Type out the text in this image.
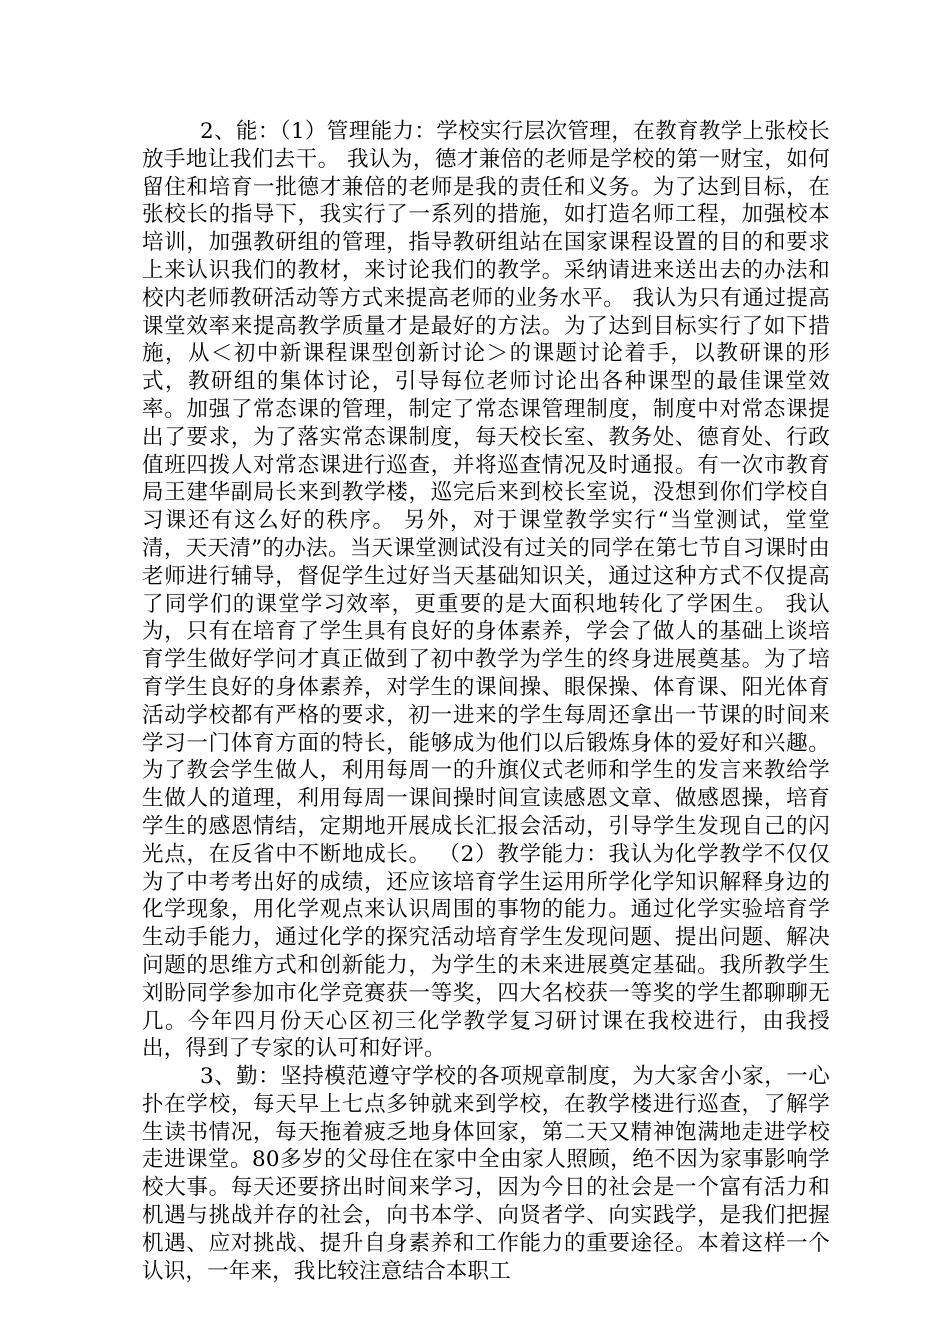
2、能：（1）管理能力：学校实行层次管理，在教育教学上张校长放手地让我们去干。 我认为，德才兼倍的老师是学校的第一财宝，如何留住和培育一批德才兼倍的老师是我的责任和义务。为了达到目标，在张校长的指导下，我实行了一系列的措施，如打造名师工程，加强校本培训，加强教研组的管理，指导教研组站在国家课程设置的目的和要求上来认识我们的教材，来讨论我们的教学。采纳请进来送出去的办法和校内老师教研活动等方式来提高老师的业务水平。 我认为只有通过提高课堂效率来提高教学质量才是最好的方法。为了达到目标实行了如下措施，从＜初中新课程课型创新讨论＞的课题讨论着手，以教研课的形式，教研组的集体讨论，引导每位老师讨论出各种课型的最佳课堂效率。加强了常态课的管理，制定了常态课管理制度，制度中对常态课提出了要求，为了落实常态课制度，每天校长室、教务处、德育处、行政值班四拨人对常态课进行巡查，并将巡查情况及时通报。有一次市教育局王建华副局长来到教学楼，巡完后来到校长室说，没想到你们学校自习课还有这么好的秩序。 另外，对于课堂教学实行“当堂测试，堂堂清，天天清”的办法。当天课堂测试没有过关的同学在第七节自习课时由老师进行辅导，督促学生过好当天基础知识关，通过这种方式不仅提高了同学们的课堂学习效率，更重要的是大面积地转化了学困生。 我认为，只有在培育了学生具有良好的身体素养，学会了做人的基础上谈培育学生做好学问才真正做到了初中教学为学生的终身进展奠基。为了培育学生良好的身体素养，对学生的课间操、眼保操、体育课、阳光体育活动学校都有严格的要求，初一进来的学生每周还拿出一节课的时间来学习一门体育方面的特长，能够成为他们以后锻炼身体的爱好和兴趣。为了教会学生做人，利用每周一的升旗仪式老师和学生的发言来教给学生做人的道理，利用每周一课间操时间宣读感恩文章、做感恩操，培育学生的感恩情结，定期地开展成长汇报会活动，引导学生发现自己的闪光点，在反省中不断地成长。 （2）教学能力：我认为化学教学不仅仅为了中考考出好的成绩，还应该培育学生运用所学化学知识解释身边的化学现象，用化学观点来认识周围的事物的能力。通过化学实验培育学生动手能力，通过化学的探究活动培育学生发现问题、提出问题、解决问题的思维方式和创新能力，为学生的未来进展奠定基础。我所教学生刘盼同学参加市化学竞赛获一等奖，四大名校获一等奖的学生都聊聊无几。今年四月份天心区初三化学教学复习研讨课在我校进行，由我授出，得到了专家的认可和好评。

3、勤：坚持模范遵守学校的各项规章制度，为大家舍小家，一心扑在学校，每天早上七点多钟就来到学校，在教学楼进行巡查，了解学生读书情况，每天拖着疲乏地身体回家，第二天又精神饱满地走进学校走进课堂。80多岁的父母住在家中全由家人照顾，绝不因为家事影响学校大事。每天还要挤出时间来学习，因为今日的社会是一个富有活力和机遇与挑战并存的社会，向书本学、向贤者学、向实践学，是我们把握机遇、应对挑战、提升自身素养和工作能力的重要途径。本着这样一个认识，一年来，我比较注意结合本职工
